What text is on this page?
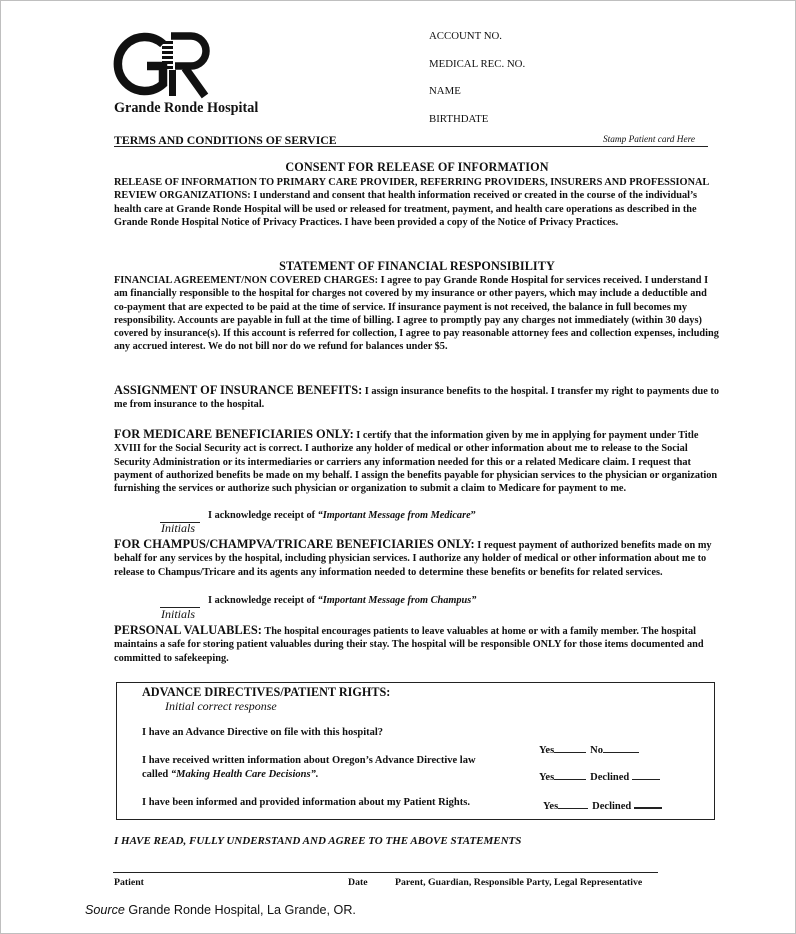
Grande Ronde Hospital
ACCOUNT NO.
MEDICAL REC. NO.
NAME
BIRTHDATE
TERMS AND CONDITIONS OF SERVICE	Stamp Patient card Here
CONSENT FOR RELEASE OF INFORMATION
RELEASE OF INFORMATION TO PRIMARY CARE PROVIDER, REFERRING PROVIDERS, INSURERS AND PROFESSIONAL REVIEW ORGANIZATIONS: I understand and consent that health information received or created in the course of the individual’s health care at Grande Ronde Hospital will be used or released for treatment, payment, and health care operations as described in the Grande Ronde Hospital Notice of Privacy Practices. I have been provided a copy of the Notice of Privacy Practices.
STATEMENT OF FINANCIAL RESPONSIBILITY
FINANCIAL AGREEMENT/NON COVERED CHARGES: I agree to pay Grande Ronde Hospital for services received. I understand I am financially responsible to the hospital for charges not covered by my insurance or other payers, which may include a deductible and co-payment that are expected to be paid at the time of service. If insurance payment is not received, the balance in full becomes my responsibility. Accounts are payable in full at the time of billing. I agree to promptly pay any charges not immediately (within 30 days) covered by insurance(s). If this account is referred for collection, I agree to pay reasonable attorney fees and collection expenses, including any accrued interest. We do not bill nor do we refund for balances under $5.
ASSIGNMENT OF INSURANCE BENEFITS: I assign insurance benefits to the hospital. I transfer my right to payments due to me from insurance to the hospital.
FOR MEDICARE BENEFICIARIES ONLY: I certify that the information given by me in applying for payment under Title XVIII for the Social Security act is correct. I authorize any holder of medical or other information about me to release to the Social Security Administration or its intermediaries or carriers any information needed for this or a related Medicare claim. I request that payment of authorized benefits be made on my behalf. I assign the benefits payable for physician services to the physician or organization furnishing the services or authorize such physician or organization to submit a claim to Medicare for payment to me.
I acknowledge receipt of “Important Message from Medicare”
Initials
FOR CHAMPUS/CHAMPVA/TRICARE BENEFICIARIES ONLY: I request payment of authorized benefits made on my behalf for any services by the hospital, including physician services. I authorize any holder of medical or other information about me to release to Champus/Tricare and its agents any information needed to determine these benefits or benefits for related services.
I acknowledge receipt of “Important Message from Champus”
Initials
PERSONAL VALUABLES: The hospital encourages patients to leave valuables at home or with a family member. The hospital maintains a safe for storing patient valuables during their stay. The hospital will be responsible ONLY for those items documented and committed to safekeeping.
ADVANCE DIRECTIVES/PATIENT RIGHTS:
Initial correct response
I have an Advance Directive on file with this hospital?
Yes	No
I have received written information about Oregon’s Advance Directive law
called “Making Health Care Decisions”.	Yes	Declined
I have been informed and provided information about my Patient Rights.	Yes	Declined
I HAVE READ, FULLY UNDERSTAND AND AGREE TO THE ABOVE STATEMENTS
Patient	Date	Parent, Guardian, Responsible Party, Legal Representative
Source Grande Ronde Hospital, La Grande, OR.
